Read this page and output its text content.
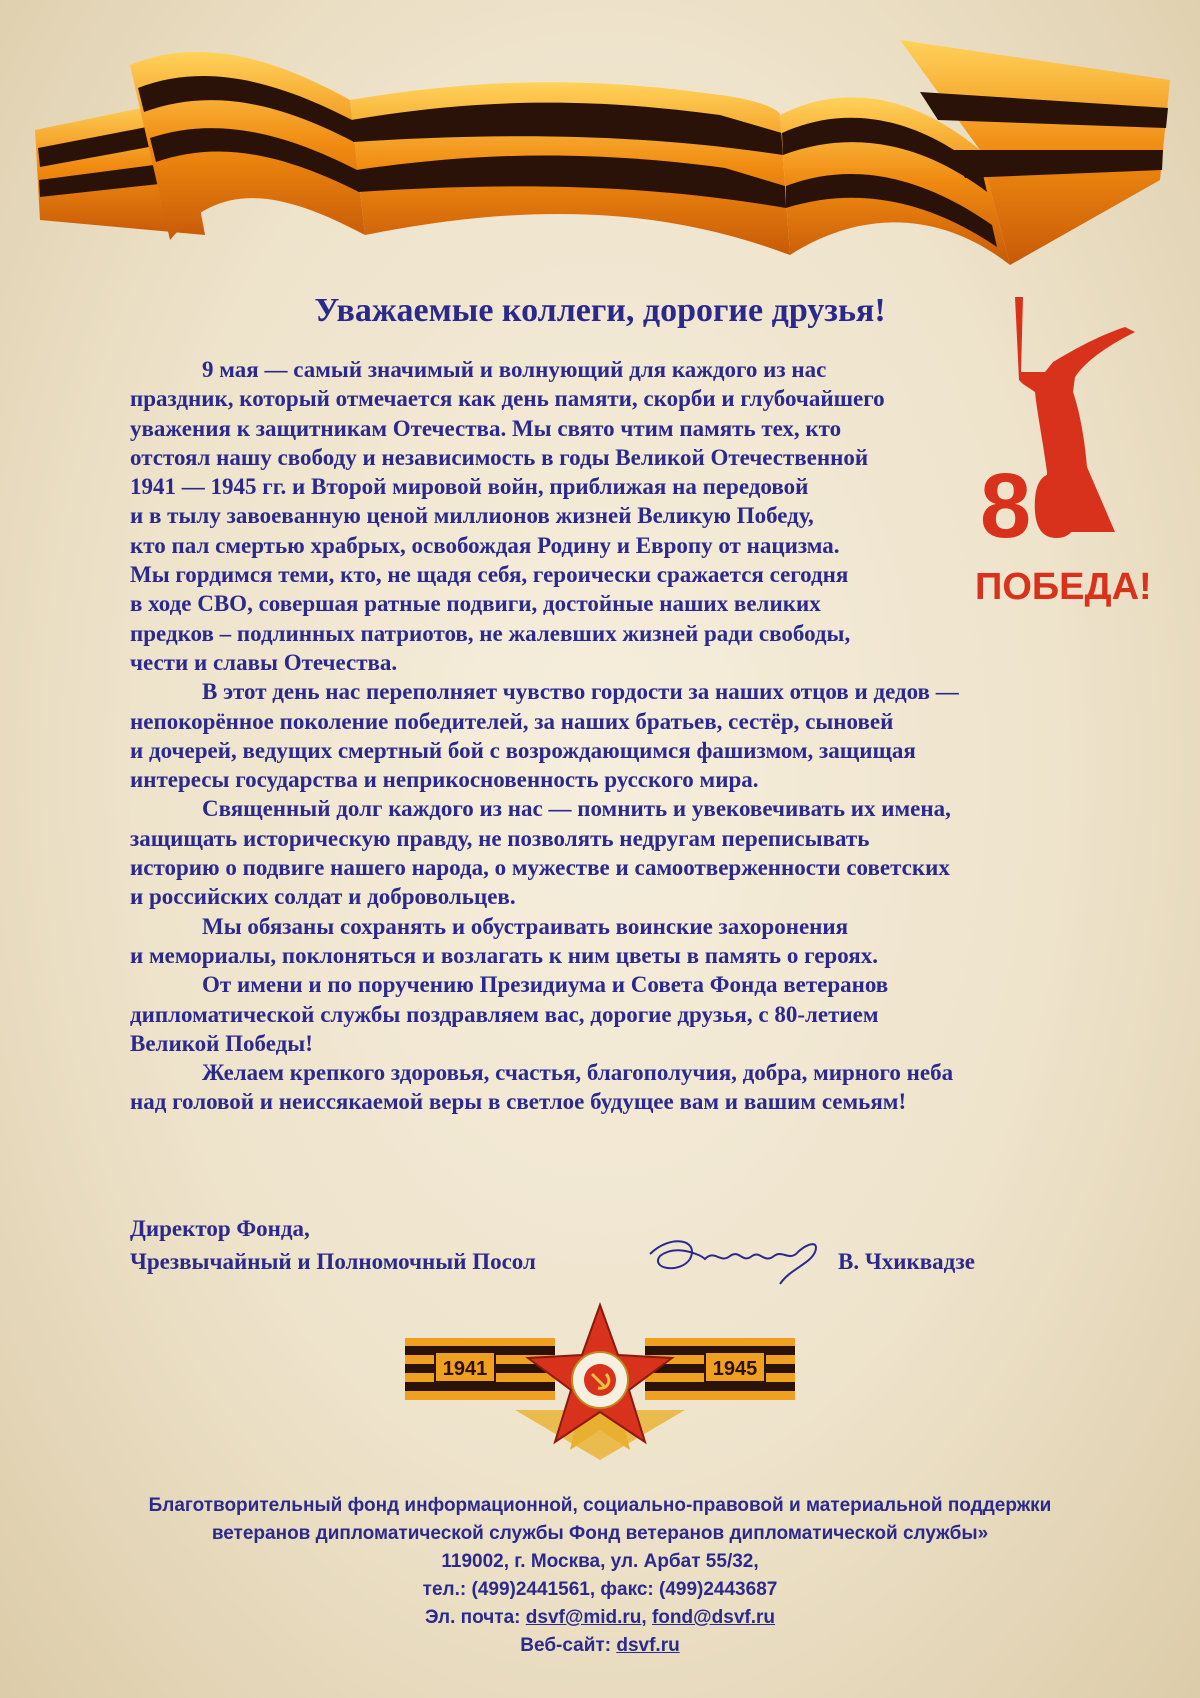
Уважаемые коллеги, дорогие друзья!

9 мая — самый значимый и волнующий для каждого из нас

праздник, который отмечается как день памяти, скорби и глубочайшего

уважения к защитникам Отечества. Мы свято чтим память тех, кто

отстоял нашу свободу и независимость в годы Великой Отечественной

1941 — 1945 гг. и Второй мировой войн, приближая на передовой

и в тылу завоеванную ценой миллионов жизней Великую Победу,

кто пал смертью храбрых, освобождая Родину и Европу от нацизма.

Мы гордимся теми, кто, не щадя себя, героически сражается сегодня

в ходе СВО, совершая ратные подвиги, достойные наших великих

предков – подлинных патриотов, не жалевших жизней ради свободы,

чести и славы Отечества.

В этот день нас переполняет чувство гордости за наших отцов и дедов —

непокорённое поколение победителей, за наших братьев, сестёр, сыновей

и дочерей, ведущих смертный бой с возрождающимся фашизмом, защищая

интересы государства и неприкосновенность русского мира.

Священный долг каждого из нас — помнить и увековечивать их имена,

защищать историческую правду, не позволять недругам переписывать

историю о подвиге нашего народа, о мужестве и самоотверженности советских

и российских солдат и добровольцев.

Мы обязаны сохранять и обустраивать воинские захоронения

и мемориалы, поклоняться и возлагать к ним цветы в память о героях.

От имени и по поручению Президиума и Совета Фонда ветеранов

дипломатической службы поздравляем вас, дорогие друзья, с 80-летием

Великой Победы!

Желаем крепкого здоровья, счастья, благополучия, добра, мирного неба

над головой и неиссякаемой веры в светлое будущее вам и вашим семьям!

80
ПОБЕДА!

Директор Фонда,

Чрезвычайный и Полномочный Посол	В. Чхиквадзе
1941	1945

Благотворительный фонд информационной, социально-правовой и материальной поддержки

ветеранов дипломатической службы Фонд ветеранов дипломатической службы»

119002, г. Москва, ул. Арбат 55/32,

тел.: (499)2441561, факс: (499)2443687

Эл. почта: dsvf@mid.ru, fond@dsvf.ru

Веб-сайт: dsvf.ru
